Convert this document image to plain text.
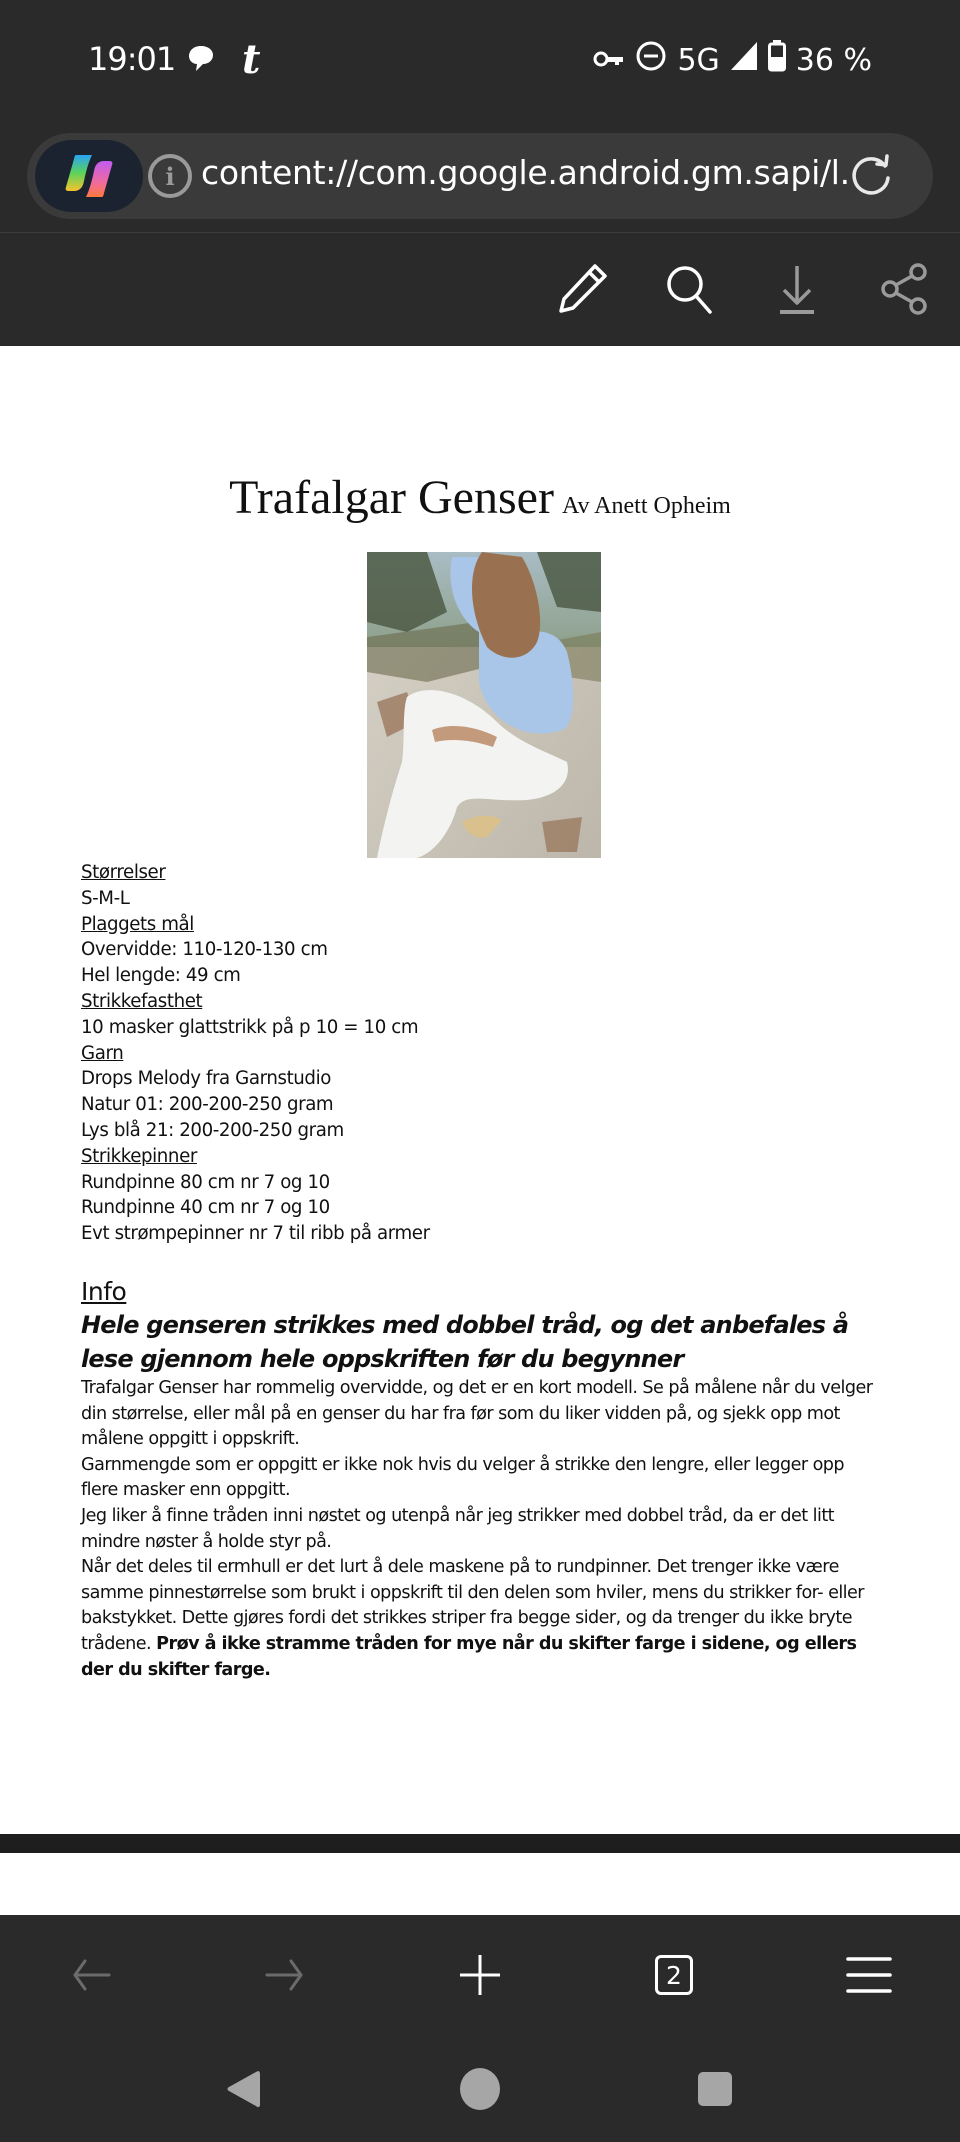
19:01 t	5G	36 %
i content://com.google.android.gm.sapi/l.
Trafalgar Genser Av Anett Opheim
Størrelser
S-M-L
Plaggets mål
Overvidde: 110-120-130 cm
Hel lengde: 49 cm
Strikkefasthet
10 masker glattstrikk på p 10 = 10 cm
Garn
Drops Melody fra Garnstudio
Natur 01: 200-200-250 gram
Lys blå 21: 200-200-250 gram
Strikkepinner
Rundpinne 80 cm nr 7 og 10
Rundpinne 40 cm nr 7 og 10
Evt strømpepinner nr 7 til ribb på armer
Info
Hele genseren strikkes med dobbel tråd, og det anbefales å lese gjennom hele oppskriften før du begynner
Trafalgar Genser har rommelig overvidde, og det er en kort modell. Se på målene når du velger din størrelse, eller mål på en genser du har fra før som du liker vidden på, og sjekk opp mot målene oppgitt i oppskrift.
Garnmengde som er oppgitt er ikke nok hvis du velger å strikke den lengre, eller legger opp flere masker enn oppgitt.
Jeg liker å finne tråden inni nøstet og utenpå når jeg strikker med dobbel tråd, da er det litt mindre nøster å holde styr på.
Når det deles til ermhull er det lurt å dele maskene på to rundpinner. Det trenger ikke være samme pinnestørrelse som brukt i oppskrift til den delen som hviler, mens du strikker for- eller bakstykket. Dette gjøres fordi det strikkes striper fra begge sider, og da trenger du ikke bryte trådene. Prøv å ikke stramme tråden for mye når du skifter farge i sidene, og ellers der du skifter farge.
2
